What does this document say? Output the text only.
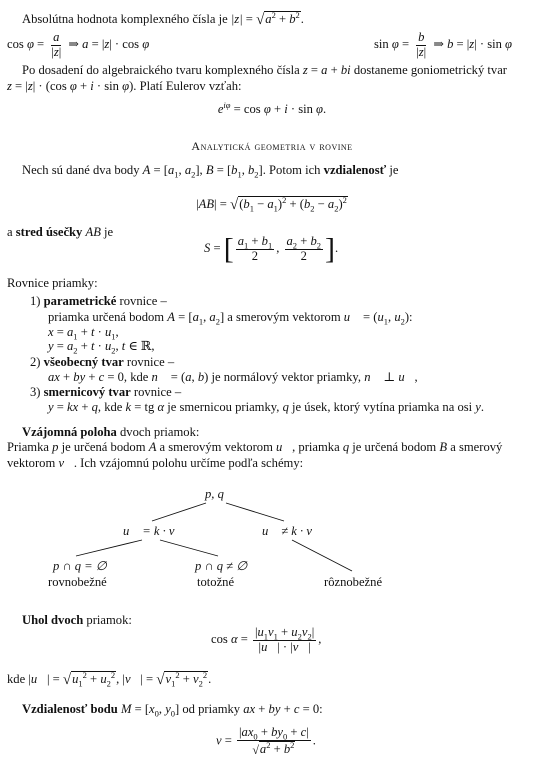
Absolútna hodnota komplexného čísla je $|z| = √a^2 + b^2$.
$\cos \varphi = \frac{a}{|z|}$ ⇒ a = |z| · cos φ	$\sin \varphi = \frac{b}{|z|}$ ⇒ b = |z| · sin φ
Po dosadení do algebraického tvaru komplexného čísla z = a + bi dostaneme goniometrický tvar
z = |z| · (cos φ + i · sin φ). Platí Eulerov vzťah:
$e^{i\varphi} = \cos \varphi + i \cdot \sin \varphi$.
Analytická geometria v rovine
Nech sú dané dva body $A = [a_1$, $a_2$], $B = [b_1$, $b_2$]. Potom ich vzdialenosť je
$|AB| = √(b_1 - a_1)^2 + (b_2 - a_2)^2$
a stred úsečky AB je
S = [ $\frac{a_1 + b_1}{2}$ , $\frac{a_2 + b_2}{2}$ ].
Rovnice priamky:
1) parametrické rovnice –
priamka určená bodom $A = [a_1$, $a_2$] a smerovým vektorom u⃗ = ($u_1$, $u_2$):
$x = a_1 + t \cdot u_1$,
$y = a_2 + t \cdot u_2$, t ∈ ℝ,
2) všeobecný tvar rovnice –
ax + by + c = 0, kde n⃗ = (a, b) je normálový vektor priamky, n⃗ ⊥ u⃗,
3) smernicový tvar rovnice –
y = kx + q, kde k = tg α je smernicou priamky, q je úsek, ktorý vytína priamka na osi y.
Vzájomná poloha dvoch priamok:
Priamka p je určená bodom A a smerovým vektorom u⃗, priamka q je určená bodom B a smerový
vektorom v⃗. Ich vzájomnú polohu určíme podľa schémy:
p, q
u⃗ = k · v⃗	u⃗ ≠ k · v⃗
p ∩ q = ∅	p ∩ q ≠ ∅
rovnobežné	totožné	rôznobežné
Uhol dvoch priamok:
$\cos \alpha = \frac{|u_1v_1 + u_2v_2|}{|u⃗| \cdot |v⃗|}$ ,
kde |u⃗| = $√u_1^2 + u_2^2$, |v⃗| = $√v_1^2 + v_2^2$.
Vzdialenosť bodu $M = [x_0$, $y_0$] od priamky ax + by + c = 0:
$v = \frac{|ax_0 + by_0 + c|}{√a^2 + b^2}$ .
